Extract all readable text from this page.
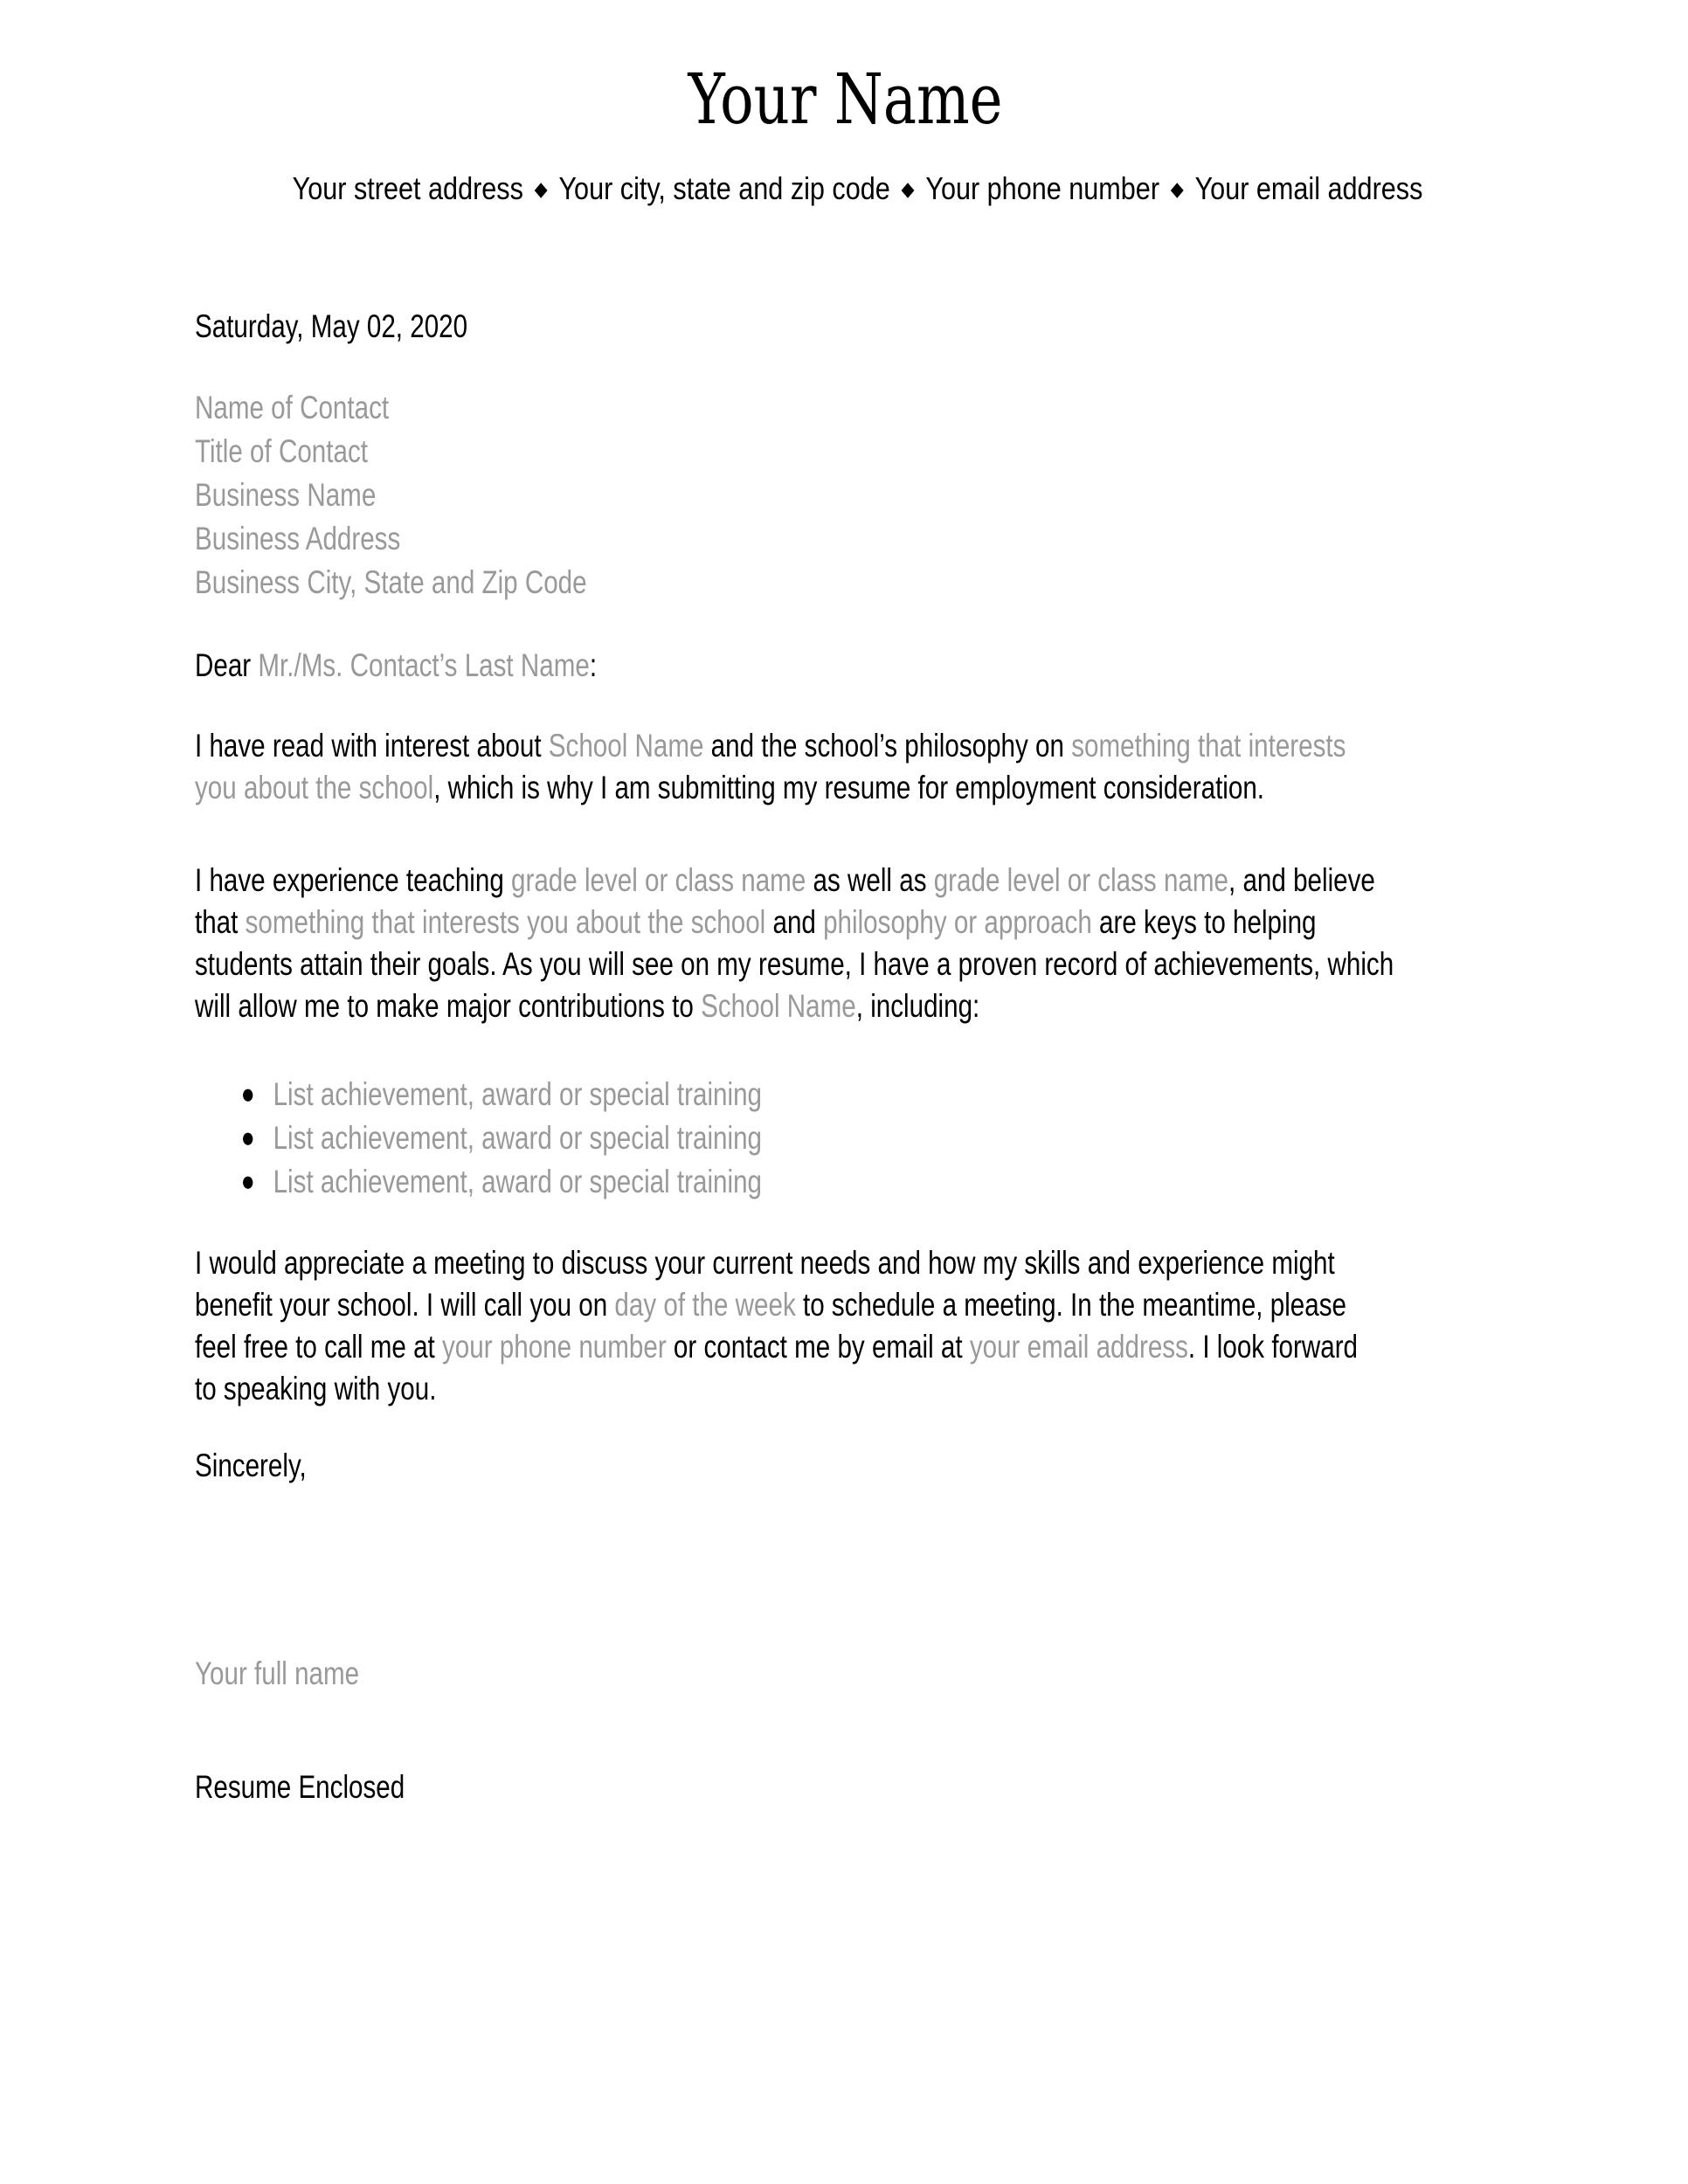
Your Name
Your street address ◆ Your city, state and zip code ◆ Your phone number ◆ Your email address

Saturday, May 02, 2020

Name of Contact

Title of Contact

Business Name

Business Address

Business City, State and Zip Code

Dear Mr./Ms. Contact’s Last Name:

I have read with interest about School Name and the school’s philosophy on something that interests
you about the school, which is why I am submitting my resume for employment consideration.

I have experience teaching grade level or class name as well as grade level or class name, and believe
that something that interests you about the school and philosophy or approach are keys to helping
students attain their goals. As you will see on my resume, I have a proven record of achievements, which
will allow me to make major contributions to School Name, including:

● List achievement, award or special training
● List achievement, award or special training
● List achievement, award or special training

I would appreciate a meeting to discuss your current needs and how my skills and experience might
benefit your school. I will call you on day of the week to schedule a meeting. In the meantime, please
feel free to call me at your phone number or contact me by email at your email address. I look forward
to speaking with you.

Sincerely,

Your full name

Resume Enclosed
